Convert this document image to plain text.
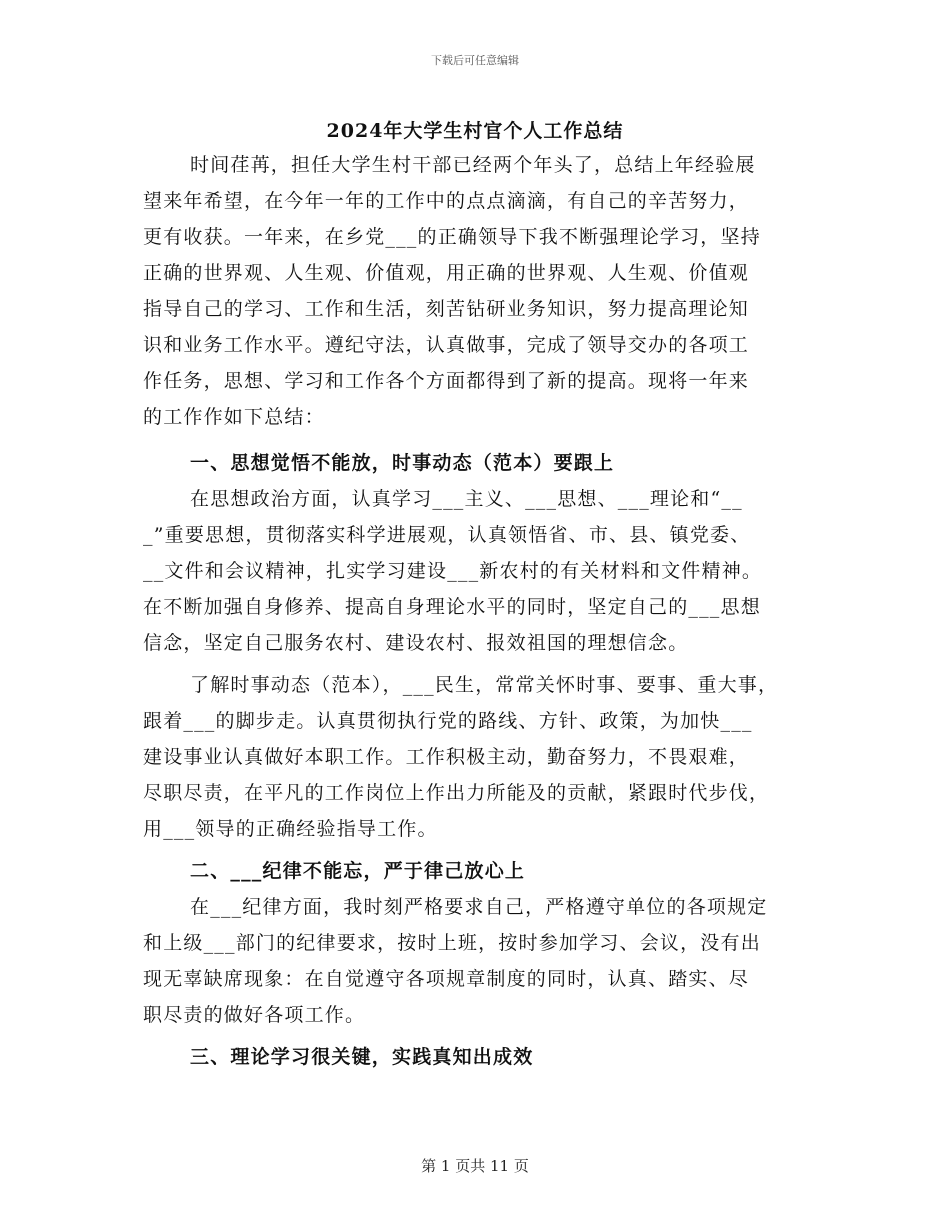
下载后可任意编辑
2024年大学生村官个人工作总结
时间荏苒，担任大学生村干部已经两个年头了，总结上年经验展
望来年希望，在今年一年的工作中的点点滴滴，有自己的辛苦努力，
更有收获。一年来，在乡党___的正确领导下我不断强理论学习，坚持
正确的世界观、人生观、价值观，用正确的世界观、人生观、价值观
指导自己的学习、工作和生活，刻苦钻研业务知识，努力提高理论知
识和业务工作水平。遵纪守法，认真做事，完成了领导交办的各项工
作任务，思想、学习和工作各个方面都得到了新的提高。现将一年来
的工作作如下总结：
一、思想觉悟不能放，时事动态（范本）要跟上
在思想政治方面，认真学习___主义、___思想、___理论和“__
_”重要思想，贯彻落实科学进展观，认真领悟省、市、县、镇党委、
__文件和会议精神，扎实学习建设___新农村的有关材料和文件精神。
在不断加强自身修养、提高自身理论水平的同时，坚定自己的___思想
信念，坚定自己服务农村、建设农村、报效祖国的理想信念。
了解时事动态（范本），___民生，常常关怀时事、要事、重大事，
跟着___的脚步走。认真贯彻执行党的路线、方针、政策，为加快___
建设事业认真做好本职工作。工作积极主动，勤奋努力，不畏艰难，
尽职尽责，在平凡的工作岗位上作出力所能及的贡献，紧跟时代步伐，
用___领导的正确经验指导工作。
二、___纪律不能忘，严于律己放心上
在___纪律方面，我时刻严格要求自己，严格遵守单位的各项规定
和上级___部门的纪律要求，按时上班，按时参加学习、会议，没有出
现无辜缺席现象：在自觉遵守各项规章制度的同时，认真、踏实、尽
职尽责的做好各项工作。
三、理论学习很关键，实践真知出成效
第 1 页共 11 页
